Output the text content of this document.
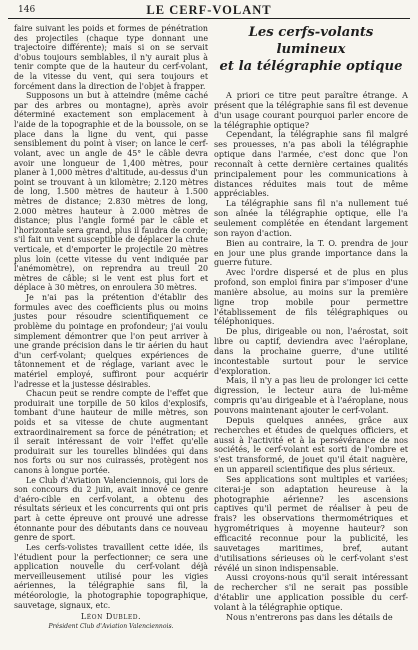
146	LE CERF-VOLANT

faire suivant les poids et formes de pénétration des projectiles (chaque type donnant une trajectoire différente); mais si on se servait d'obus toujours semblables, il n'y aurait plus à tenir compte que de la hauteur du cerf-volant, de la vitesse du vent, qui sera toujours et forcément dans la direction de l'objet à frapper.

Supposons un but à atteindre (même caché par des arbres ou montagne), après avoir déterminé exactement son emplacement à l'aide de la topographie et de la boussole, on se place dans la ligne du vent, qui passe sensiblement du point à viser; on lance le cerf-volant, avec un angle de 45° le câble devra avoir une longueur de 1,400 mètres, pour planer à 1,000 mètres d'altitude, au-dessus d'un point se trouvant à un kilomètre; 2.120 mètres de long, 1.500 mètres de hauteur à 1.500 mètres de distance; 2.830 mètres de long, 2.000 mètres hauteur à 2.000 mètres de distance; plus l'angle formé par le câble et l'horizontale sera grand, plus il faudra de corde; s'il fait un vent susceptible de déplacer la chute verticale, et d'emporter le projectile 20 mètres plus loin (cette vitesse du vent indiquée par l'anémomètre), on reprendra au treuil 20 mètres de câble; si le vent est plus fort et déplace à 30 mètres, on enroulera 30 mètres.

Je n'ai pas la prétention d'établir des formules avec des coefficients plus ou moins justes pour résoudre scientifiquement ce problème du pointage en profondeur; j'ai voulu simplement démontrer que l'on peut arriver à une grande précision dans le tir aérien du haut d'un cerf-volant; quelques expériences de tâtonnement et de réglage, variant avec le matériel employé, suffiront pour acquérir l'adresse et la justesse désirables.

Chacun peut se rendre compte de l'effet que produirait une torpille de 50 kilos d'explosifs, tombant d'une hauteur de mille mètres, son poids et sa vitesse de chute augmentant extraordinairement sa force de pénétration; et il serait intéressant de voir l'effet qu'elle produirait sur les tourelles blindées qui dans nos forts ou sur nos cuirassés, protègent nos canons à longue portée.

Le Club d'Aviation Valenciennois, qui lors de son concours du 2 juin, avait innové ce genre d'aéro-cible en cerf-volant, a obtenu des résultats sérieux et les concurrents qui ont pris part à cette épreuve ont prouvé une adresse étonnante pour des débutants dans ce nouveau genre de sport.

Les cerfs-volistes travaillent cette idée, ils l'étudient pour la perfectionner; ce sera une application nouvelle du cerf-volant déjà merveilleusement utilisé pour les vigies aériennes, la télégraphie sans fil, la météorologie, la photographie topographique, sauvetage, signaux, etc.

Léon Dubled.

Président Club d'Aviation Valenciennois.

Les cerfs-volants lumineux
et la télégraphie optique

A priori ce titre peut paraître étrange. A présent que la télégraphie sans fil est devenue d'un usage courant pourquoi parler encore de la télégraphie optique?

Cependant, la télégraphie sans fil malgré ses prouesses, n'a pas aboli la télégraphie optique dans l'armée, c'est donc que l'on reconnaît à cette dernière certaines qualités principalement pour les communications à distances réduites mais tout de même appréciables.

La télégraphie sans fil n'a nullement tué son aînée la télégraphie optique, elle l'a seulement complétée en étendant largement son rayon d'action.

Bien au contraire, la T. O. prendra de jour en jour une plus grande importance dans la guerre future.

Avec l'ordre dispersé et de plus en plus profond, son emploi finira par s'imposer d'une manière absolue, au moins sur la première ligne trop mobile pour permettre l'établissement de fils télégraphiques ou téléphoniques.

De plus, dirigeable ou non, l'aérostat, soit libre ou captif, deviendra avec l'aéroplane, dans la prochaine guerre, d'une utilité incontestable surtout pour le service d'exploration.

Mais, il n'y a pas lieu de prolonger ici cette digression, le lecteur aura de lui-même compris qu'au dirigeable et à l'aéroplane, nous pouvons maintenant ajouter le cerf-volant.

Depuis quelques années, grâce aux recherches et études de quelques officiers, et aussi à l'activité et à la persévérance de nos sociétés, le cerf-volant est sorti de l'ombre et s'est transformé, de jouet qu'il était naguère, en un appareil scientifique des plus sérieux.

Ses applications sont multiples et variées; citerai-je son adaptation heureuse à la photographie aérienne? les ascensions captives qu'il permet de réaliser à peu de frais? les observations thermométriques et hygrométriques à moyenne hauteur? son efficacité reconnue pour la publicité, les sauvetages maritimes, bref, autant d'utilisations sérieuses où le cerf-volant s'est révélé un sinon indispensable.

Aussi croyons-nous qu'il serait intéressant de rechercher s'il ne serait pas possible d'établir une application possible du cerf-volant à la télégraphie optique.

Nous n'entrerons pas dans les détails de
